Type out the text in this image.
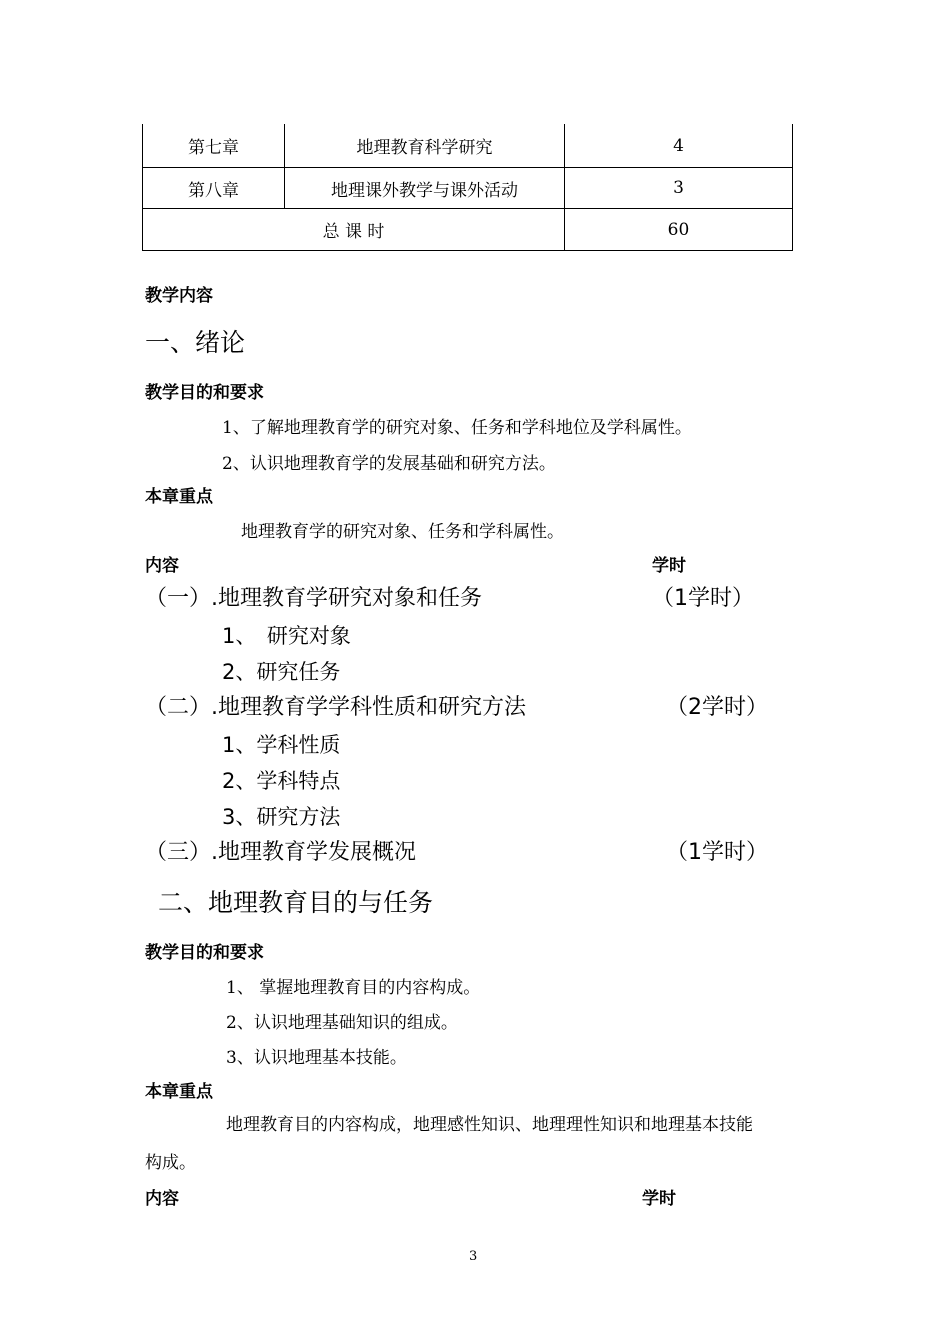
第七章	地理教育科学研究	4
第八章	地理课外教学与课外活动	3
总 课 时		60
教学内容
一、绪论
教学目的和要求
1、了解地理教育学的研究对象、任务和学科地位及学科属性。
2、认识地理教育学的发展基础和研究方法。
本章重点
地理教育学的研究对象、任务和学科属性。
内容	学时
（一）.地理教育学研究对象和任务	（1学时）
1、　研究对象
2、研究任务
（二）.地理教育学学科性质和研究方法	（2学时）
1、学科性质
2、学科特点
3、研究方法
（三）.地理教育学发展概况	（1学时）
二、地理教育目的与任务
教学目的和要求
1、 掌握地理教育目的内容构成。
2、认识地理基础知识的组成。
3、认识地理基本技能。
本章重点
地理教育目的内容构成，地理感性知识、地理理性知识和地理基本技能
构成。
内容	学时
3
